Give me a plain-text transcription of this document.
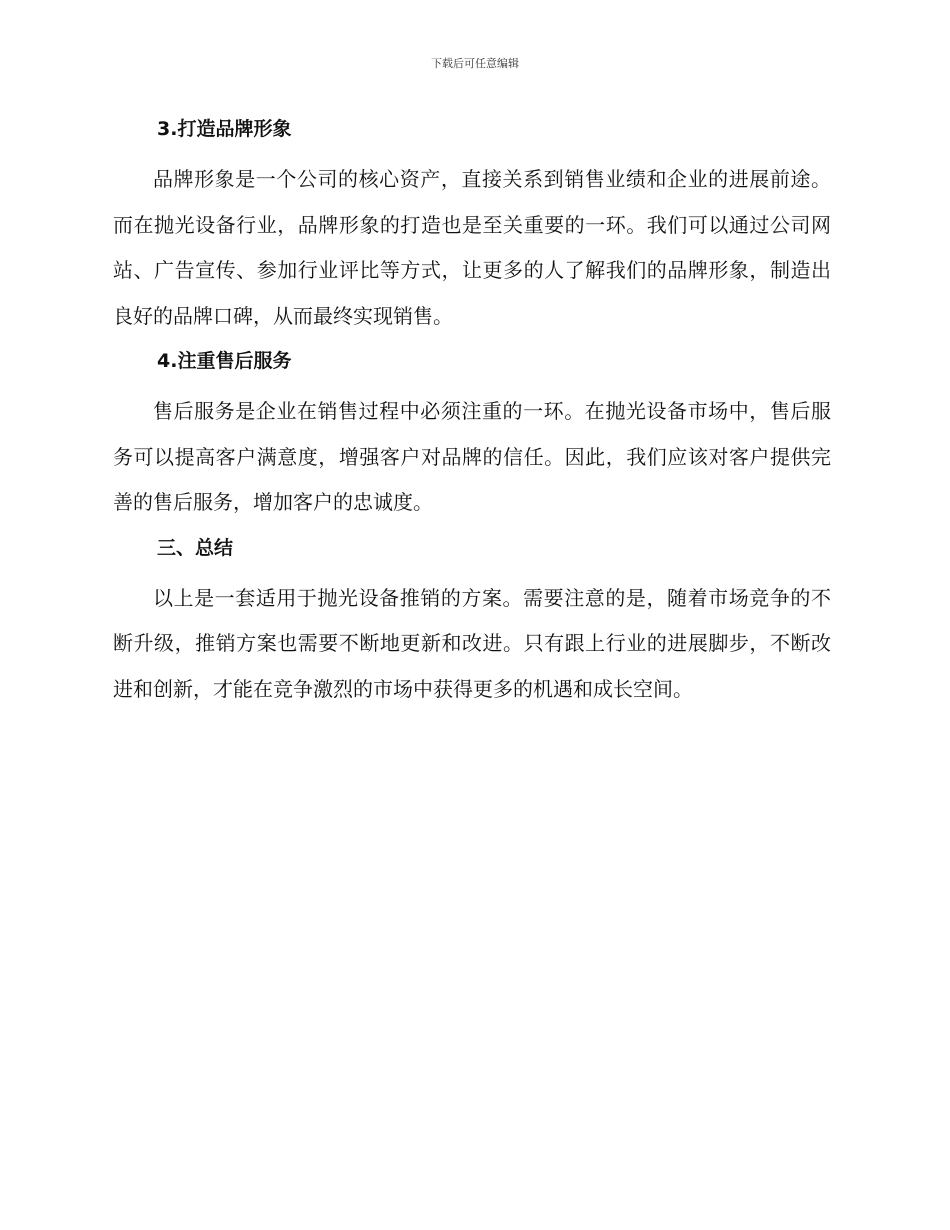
下载后可任意编辑
3.打造品牌形象

品牌形象是一个公司的核心资产，直接关系到销售业绩和企业的进展前途。而在抛光设备行业，品牌形象的打造也是至关重要的一环。我们可以通过公司网站、广告宣传、参加行业评比等方式，让更多的人了解我们的品牌形象，制造出良好的品牌口碑，从而最终实现销售。

4.注重售后服务

售后服务是企业在销售过程中必须注重的一环。在抛光设备市场中，售后服务可以提高客户满意度，增强客户对品牌的信任。因此，我们应该对客户提供完善的售后服务，增加客户的忠诚度。

三、总结

以上是一套适用于抛光设备推销的方案。需要注意的是，随着市场竞争的不断升级，推销方案也需要不断地更新和改进。只有跟上行业的进展脚步，不断改进和创新，才能在竞争激烈的市场中获得更多的机遇和成长空间。
